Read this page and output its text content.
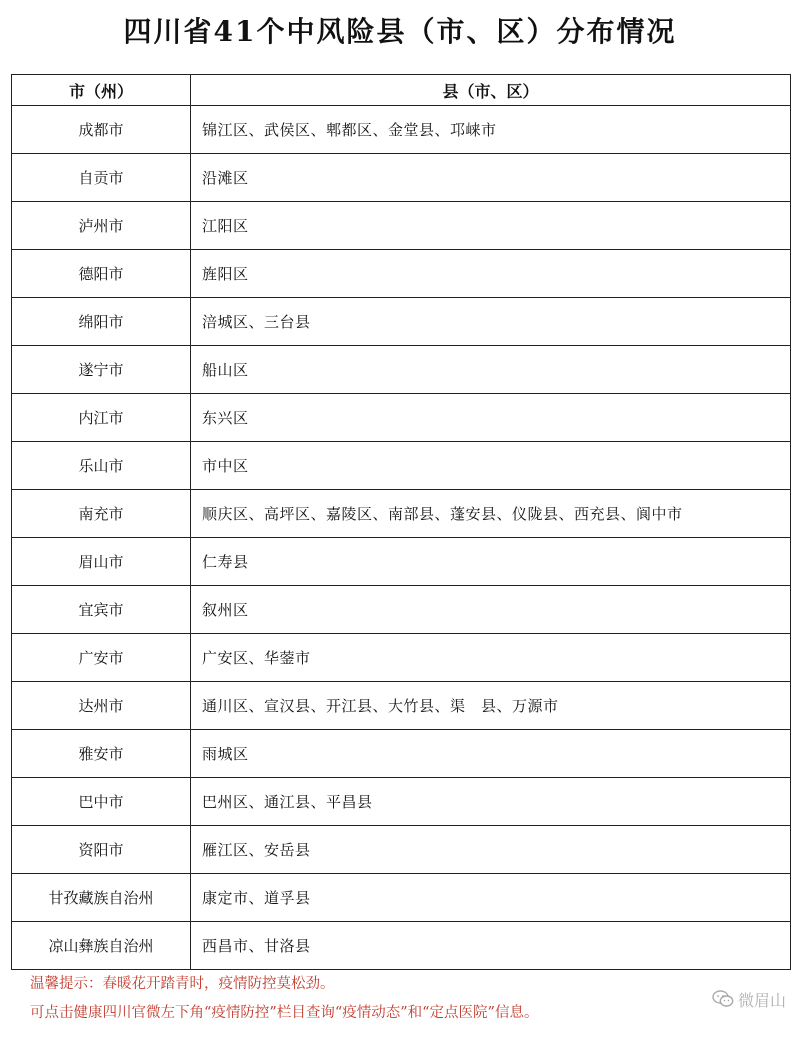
四川省41个中风险县（市、区）分布情况
市（州）	县（市、区）
成都市	锦江区、武侯区、郫都区、金堂县、邛崃市
自贡市	沿滩区
泸州市	江阳区
德阳市	旌阳区
绵阳市	涪城区、三台县
遂宁市	船山区
内江市	东兴区
乐山市	市中区
南充市	顺庆区、高坪区、嘉陵区、南部县、蓬安县、仪陇县、西充县、阆中市
眉山市	仁寿县
宜宾市	叙州区
广安市	广安区、华蓥市
达州市	通川区、宣汉县、开江县、大竹县、渠　县、万源市
雅安市	雨城区
巴中市	巴州区、通江县、平昌县
资阳市	雁江区、安岳县
甘孜藏族自治州	康定市、道孚县
凉山彝族自治州	西昌市、甘洛县
温馨提示：春暖花开踏青时，疫情防控莫松劲。
可点击健康四川官微左下角“疫情防控”栏目查询“疫情动态”和“定点医院”信息。
微眉山
